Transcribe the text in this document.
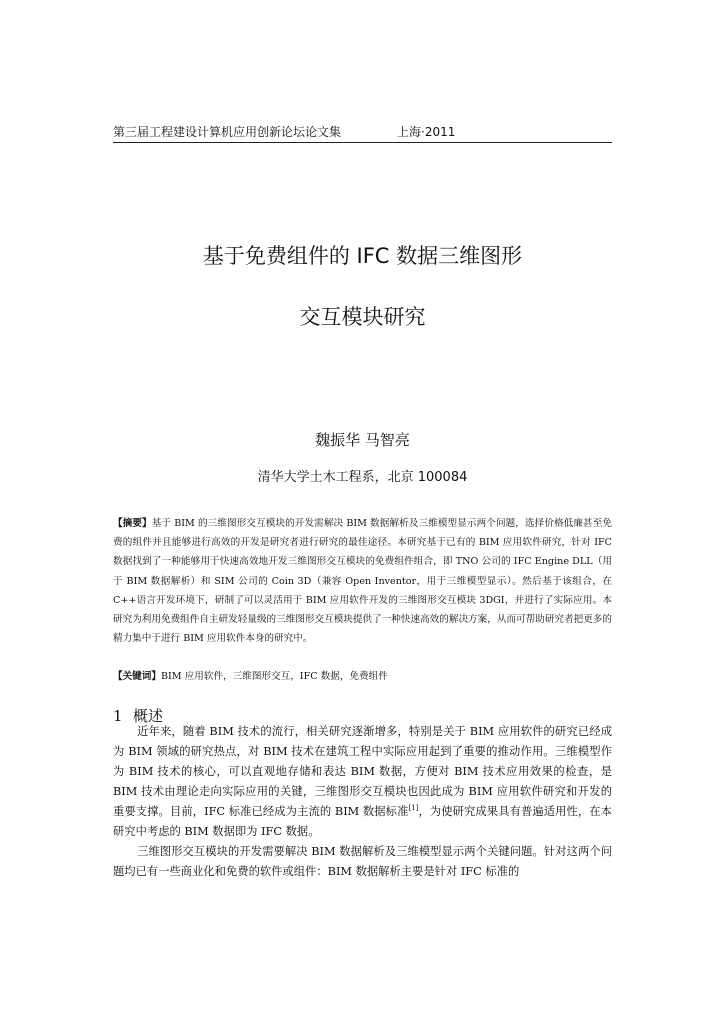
第三届工程建设计算机应用创新论坛论文集	上海·2011
基于免费组件的 IFC 数据三维图形
交互模块研究
魏振华 马智亮
清华大学土木工程系，北京 100084
【摘要】基于 BIM 的三维图形交互模块的开发需解决 BIM 数据解析及三维模型显示两个问题，选择价格低廉甚至免费的组件并且能够进行高效的开发是研究者进行研究的最佳途径。本研究基于已有的 BIM 应用软件研究，针对 IFC 数据找到了一种能够用于快速高效地开发三维图形交互模块的免费组件组合，即 TNO 公司的 IFC Engine DLL（用于 BIM 数据解析）和 SIM 公司的 Coin 3D（兼容 Open Inventor，用于三维模型显示）。然后基于该组合，在 C++语言开发环境下，研制了可以灵活用于 BIM 应用软件开发的三维图形交互模块 3DGI，并进行了实际应用。本研究为利用免费组件自主研发轻量级的三维图形交互模块提供了一种快速高效的解决方案，从而可帮助研究者把更多的精力集中于进行 BIM 应用软件本身的研究中。
【关键词】BIM 应用软件，三维图形交互，IFC 数据，免费组件
1 概述
近年来，随着 BIM 技术的流行，相关研究逐渐增多，特别是关于 BIM 应用软件的研究已经成为 BIM 领域的研究热点，对 BIM 技术在建筑工程中实际应用起到了重要的推动作用。三维模型作为 BIM 技术的核心，可以直观地存储和表达 BIM 数据，方便对 BIM 技术应用效果的检查，是 BIM 技术由理论走向实际应用的关键，三维图形交互模块也因此成为 BIM 应用软件研究和开发的重要支撑。目前，IFC 标准已经成为主流的 BIM 数据标准[1]，为使研究成果具有普遍适用性，在本研究中考虑的 BIM 数据即为 IFC 数据。
三维图形交互模块的开发需要解决 BIM 数据解析及三维模型显示两个关键问题。针对这两个问题均已有一些商业化和免费的软件或组件：BIM 数据解析主要是针对 IFC 标准的
